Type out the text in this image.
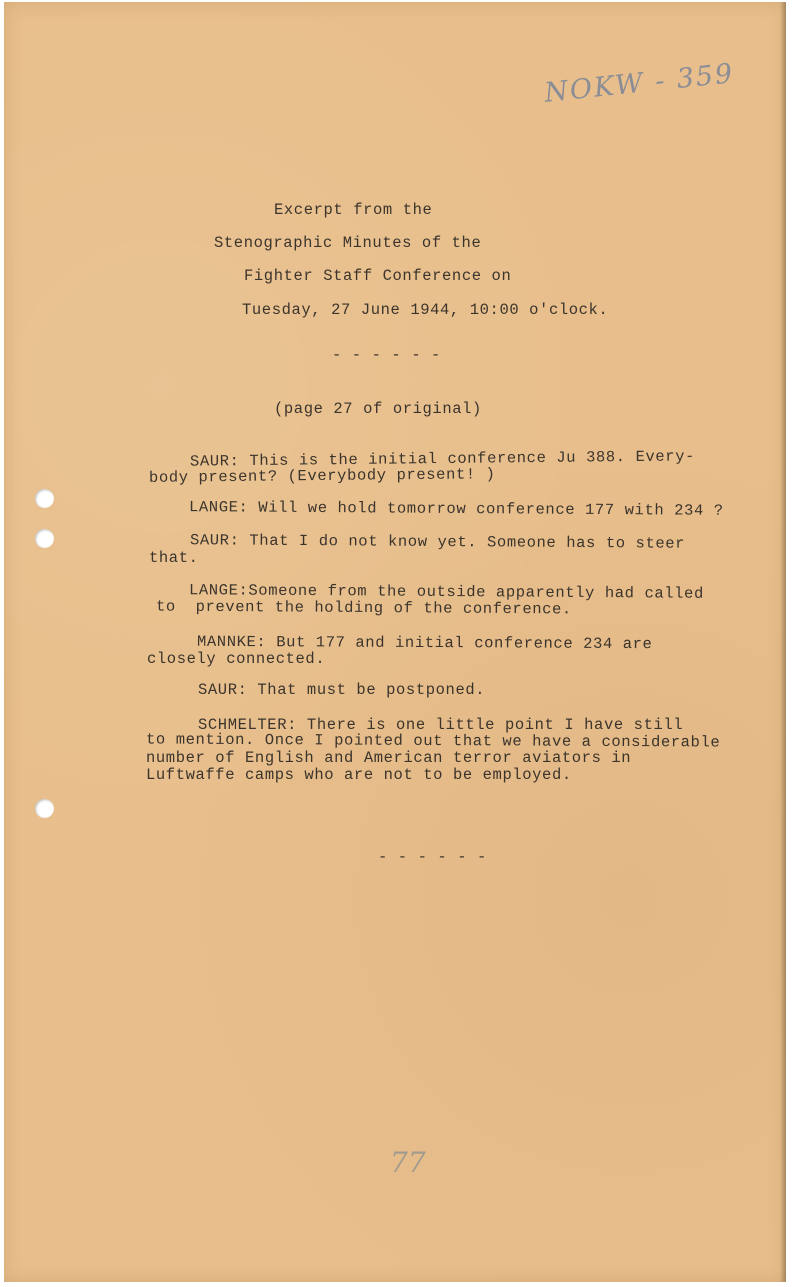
NOKW - 359
Excerpt from the
Stenographic Minutes of the
Fighter Staff Conference on
Tuesday, 27 June 1944, 10:00 o'clock.
- - - - - -
(page 27 of original)
SAUR: This is the initial conference Ju 388. Every-
body present? (Everybody present! )
LANGE: Will we hold tomorrow conference 177 with 234 ?
SAUR: That I do not know yet. Someone has to steer
that.
LANGE:Someone from the outside apparently had called
to  prevent the holding of the conference.
MANNKE: But 177 and initial conference 234 are
closely connected.
SAUR: That must be postponed.
SCHMELTER: There is one little point I have still
to mention. Once I pointed out that we have a considerable
number of English and American terror aviators in
Luftwaffe camps who are not to be employed.
- - - - - -
77
